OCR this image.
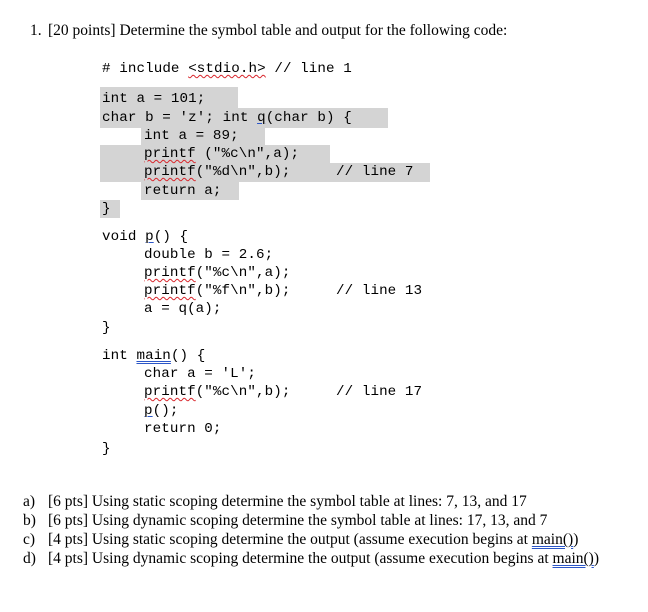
1. [20 points] Determine the symbol table and output for the following code:
# include <stdio.h> // line 1
int a = 101;
char b = 'z'; int q(char b) {
int a = 89;
printf ("%c\n",a);
printf("%d\n",b);	// line 7
return a;
}
void p() {
double b = 2.6;
printf("%c\n",a);
printf("%f\n",b);	// line 13
a = q(a);
}
int main() {
char a = 'L';
printf("%c\n",b);	// line 17
p();
return 0;
}
a) [6 pts] Using static scoping determine the symbol table at lines: 7, 13, and 17
b) [6 pts] Using dynamic scoping determine the symbol table at lines: 17, 13, and 7
c) [4 pts] Using static scoping determine the output (assume execution begins at main())
d) [4 pts] Using dynamic scoping determine the output (assume execution begins at main())
